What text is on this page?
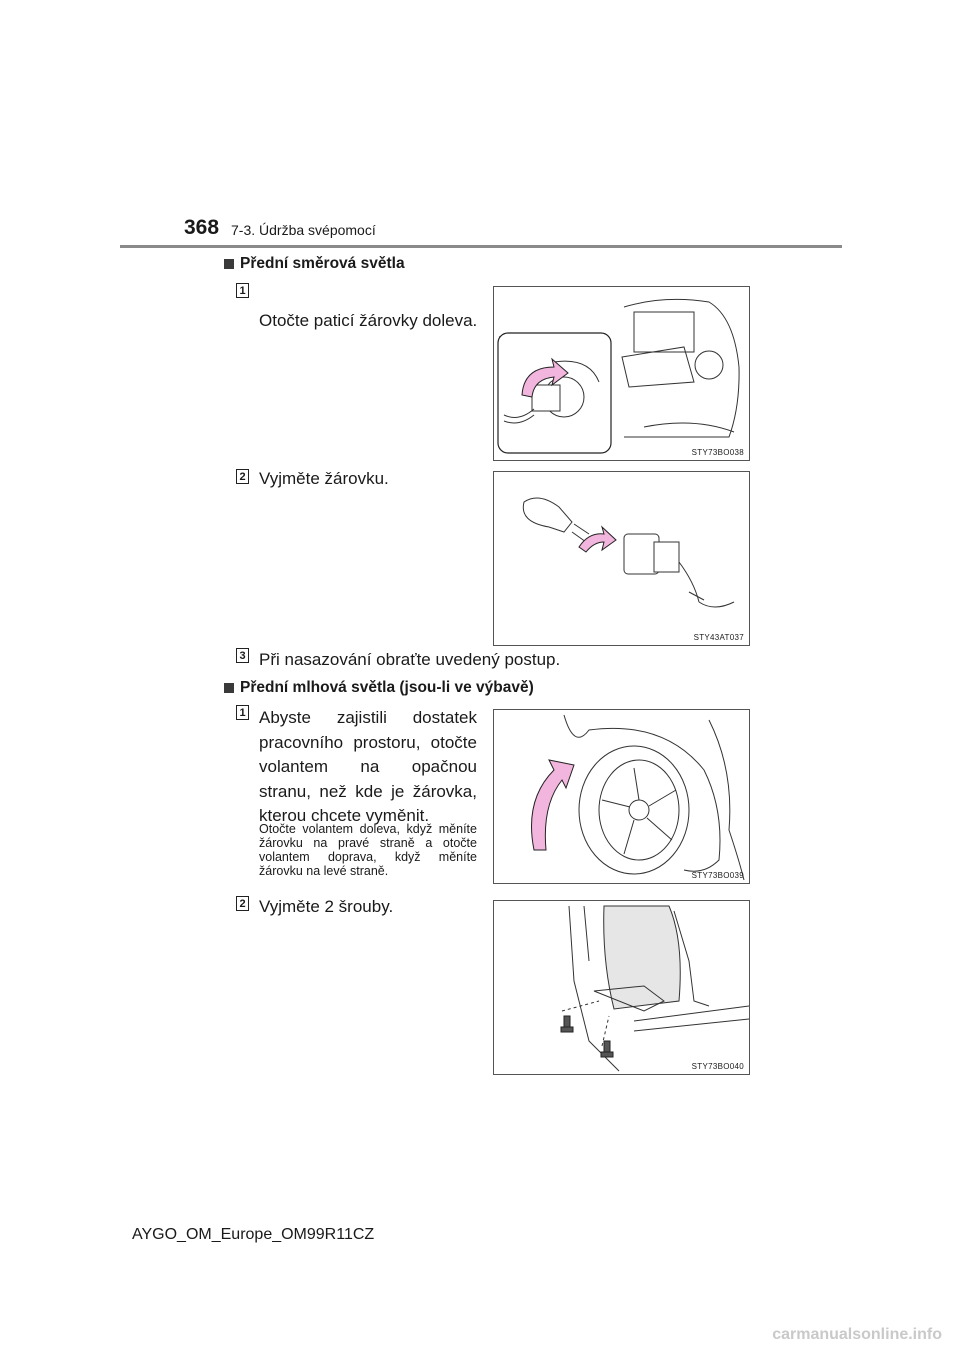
368 7-3. Údržba svépomocí
Přední směrová světla
1
Otočte paticí žárovky doleva.
STY73BO038
2 Vyjměte žárovku.
STY43AT037
3 Při nasazování obraťte uvedený postup.
Přední mlhová světla (jsou-li ve výbavě)
1 Abyste zajistili dostatek pracovního prostoru, otočte volantem na opačnou stranu, než kde je žárovka, kterou chcete vyměnit.
Otočte volantem doleva, když měníte žárovku na pravé straně a otočte volantem doprava, když měníte žárovku na levé straně.	STY73BO039
2 Vyjměte 2 šrouby.
STY73BO040
AYGO_OM_Europe_OM99R11CZ
carmanualsonline.info
